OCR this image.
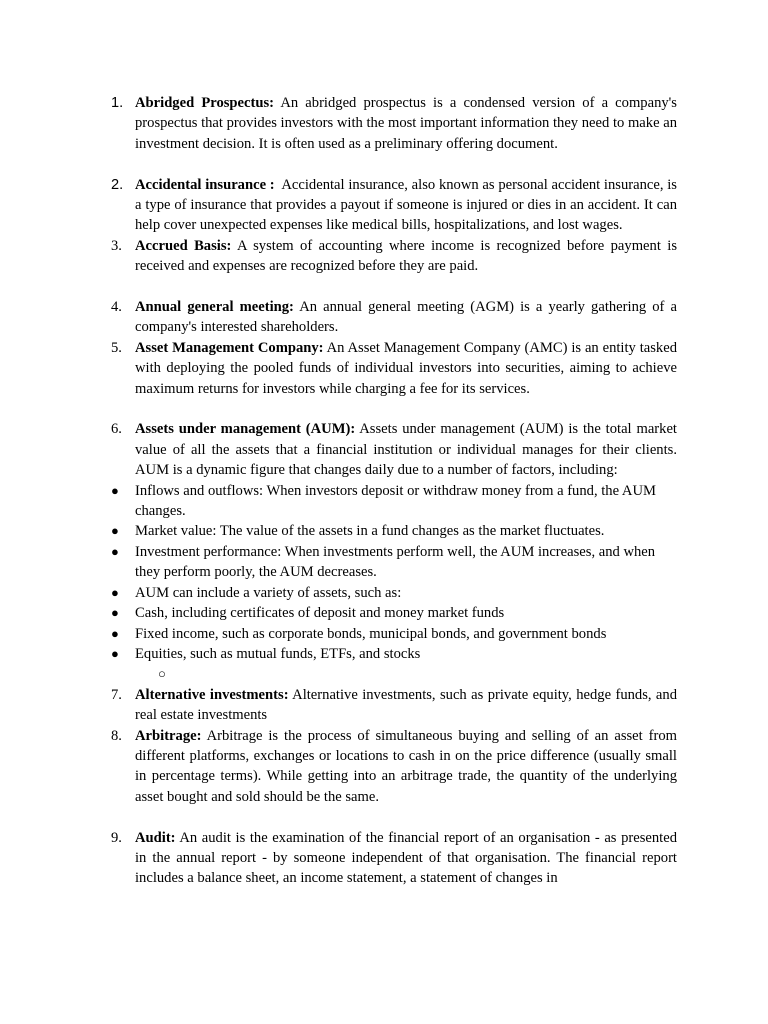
1. Abridged Prospectus: An abridged prospectus is a condensed version of a company's prospectus that provides investors with the most important information they need to make an investment decision. It is often used as a preliminary offering document.
2. Accidental insurance :  Accidental insurance, also known as personal accident insurance, is a type of insurance that provides a payout if someone is injured or dies in an accident. It can help cover unexpected expenses like medical bills, hospitalizations, and lost wages.
3. Accrued Basis: A system of accounting where income is recognized before payment is received and expenses are recognized before they are paid.
4. Annual general meeting: An annual general meeting (AGM) is a yearly gathering of a company's interested shareholders.
5. Asset Management Company: An Asset Management Company (AMC) is an entity tasked with deploying the pooled funds of individual investors into securities, aiming to achieve maximum returns for investors while charging a fee for its services.
6. Assets under management (AUM): Assets under management (AUM) is the total market value of all the assets that a financial institution or individual manages for their clients. AUM is a dynamic figure that changes daily due to a number of factors, including:
● Inflows and outflows: When investors deposit or withdraw money from a fund, the AUM changes.
● Market value: The value of the assets in a fund changes as the market fluctuates.
● Investment performance: When investments perform well, the AUM increases, and when they perform poorly, the AUM decreases.
● AUM can include a variety of assets, such as:
● Cash, including certificates of deposit and money market funds
● Fixed income, such as corporate bonds, municipal bonds, and government bonds
● Equities, such as mutual funds, ETFs, and stocks
○
7. Alternative investments: Alternative investments, such as private equity, hedge funds, and real estate investments
8. Arbitrage: Arbitrage is the process of simultaneous buying and selling of an asset from different platforms, exchanges or locations to cash in on the price difference (usually small in percentage terms). While getting into an arbitrage trade, the quantity of the underlying asset bought and sold should be the same.
9. Audit: An audit is the examination of the financial report of an organisation - as presented in the annual report - by someone independent of that organisation. The financial report includes a balance sheet, an income statement, a statement of changes in
